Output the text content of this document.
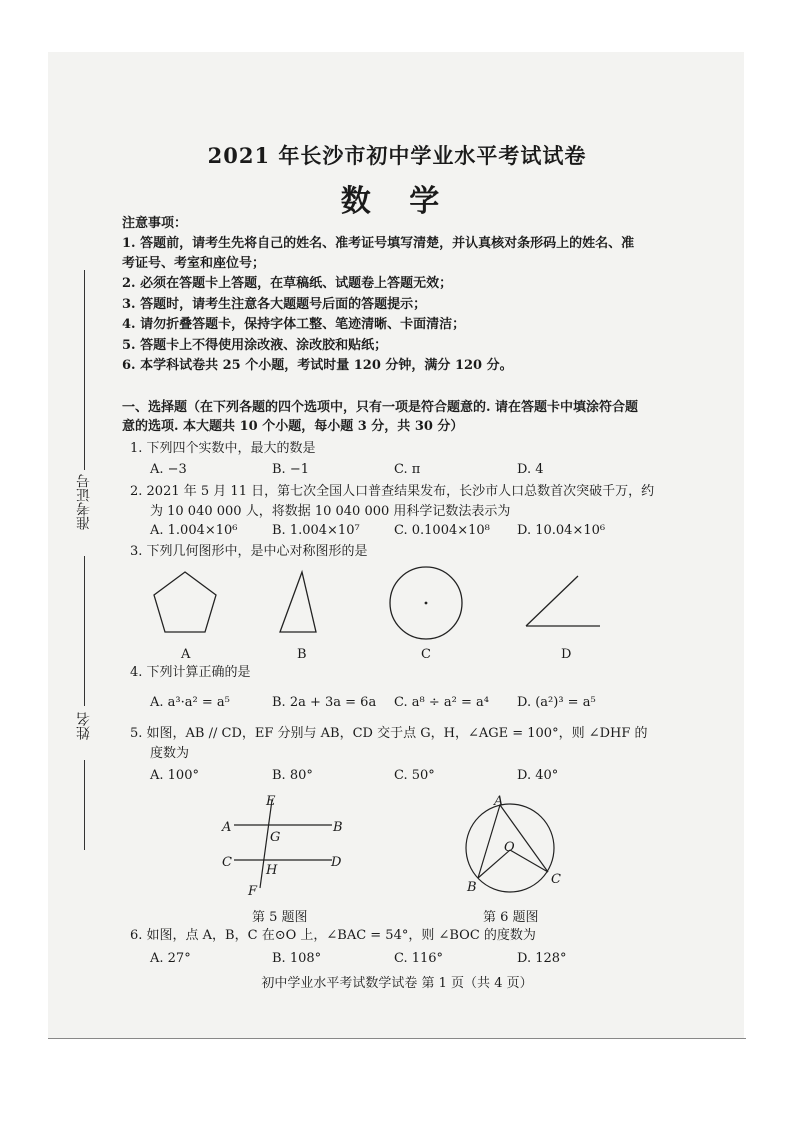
准考证号
姓名
2021 年长沙市初中学业水平考试试卷
数 学
注意事项：
1. 答题前，请考生先将自己的姓名、准考证号填写清楚，并认真核对条形码上的姓名、准
考证号、考室和座位号；
2. 必须在答题卡上答题，在草稿纸、试题卷上答题无效；
3. 答题时，请考生注意各大题题号后面的答题提示；
4. 请勿折叠答题卡，保持字体工整、笔迹清晰、卡面清洁；
5. 答题卡上不得使用涂改液、涂改胶和贴纸；
6. 本学科试卷共 25 个小题，考试时量 120 分钟，满分 120 分。
一、选择题（在下列各题的四个选项中，只有一项是符合题意的. 请在答题卡中填涂符合题
意的选项. 本大题共 10 个小题，每小题 3 分，共 30 分）
1. 下列四个实数中，最大的数是
A. −3	B. −1	C. π	D. 4
2. 2021 年 5 月 11 日，第七次全国人口普查结果发布，长沙市人口总数首次突破千万，约
为 10 040 000 人，将数据 10 040 000 用科学记数法表示为
A. 1.004×10⁶	B. 1.004×10⁷	C. 0.1004×10⁸ D. 10.04×10⁶
3. 下列几何图形中，是中心对称图形的是
A	B	C	D
4. 下列计算正确的是
A. a³·a² = a⁵	B. 2a + 3a = 6a C. a⁸ ÷ a² = a⁴ D. (a²)³ = a⁵
5. 如图，AB // CD，EF 分别与 AB，CD 交于点 G，H，∠AGE = 100°，则 ∠DHF 的
度数为
A. 100°	B. 80°	C. 50°	D. 40°
E
A
G
B
C
H
D
F
第 5 题图
A
O
B
C
第 6 题图
6. 如图，点 A，B，C 在⊙O 上，∠BAC = 54°，则 ∠BOC 的度数为
A. 27°	B. 108°	C. 116°	D. 128°
初中学业水平考试数学试卷 第 1 页（共 4 页）
